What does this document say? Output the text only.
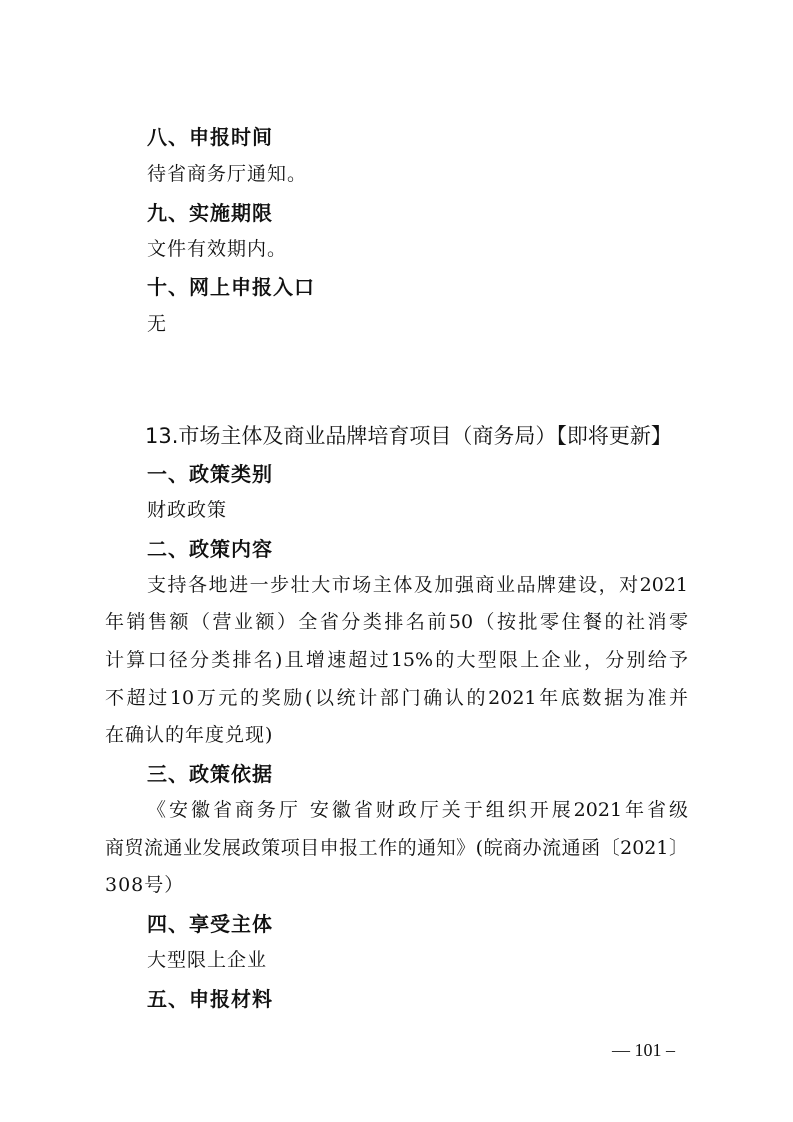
八、申报时间
待省商务厅通知。
九、实施期限
文件有效期内。
十、网上申报入口
无
13.市场主体及商业品牌培育项目（商务局）【即将更新】
一、政策类别
财政政策
二、政策内容
支持各地进一步壮大市场主体及加强商业品牌建设，对2021
年销售额（营业额）全省分类排名前50（按批零住餐的社消零
计算口径分类排名)且增速超过15%的大型限上企业，分别给予
不超过10万元的奖励(以统计部门确认的2021年底数据为准并
在确认的年度兑现)
三、政策依据
《安徽省商务厅 安徽省财政厅关于组织开展2021年省级
商贸流通业发展政策项目申报工作的通知》(皖商办流通函〔2021〕
308号）
四、享受主体
大型限上企业
五、申报材料
— 101 –
